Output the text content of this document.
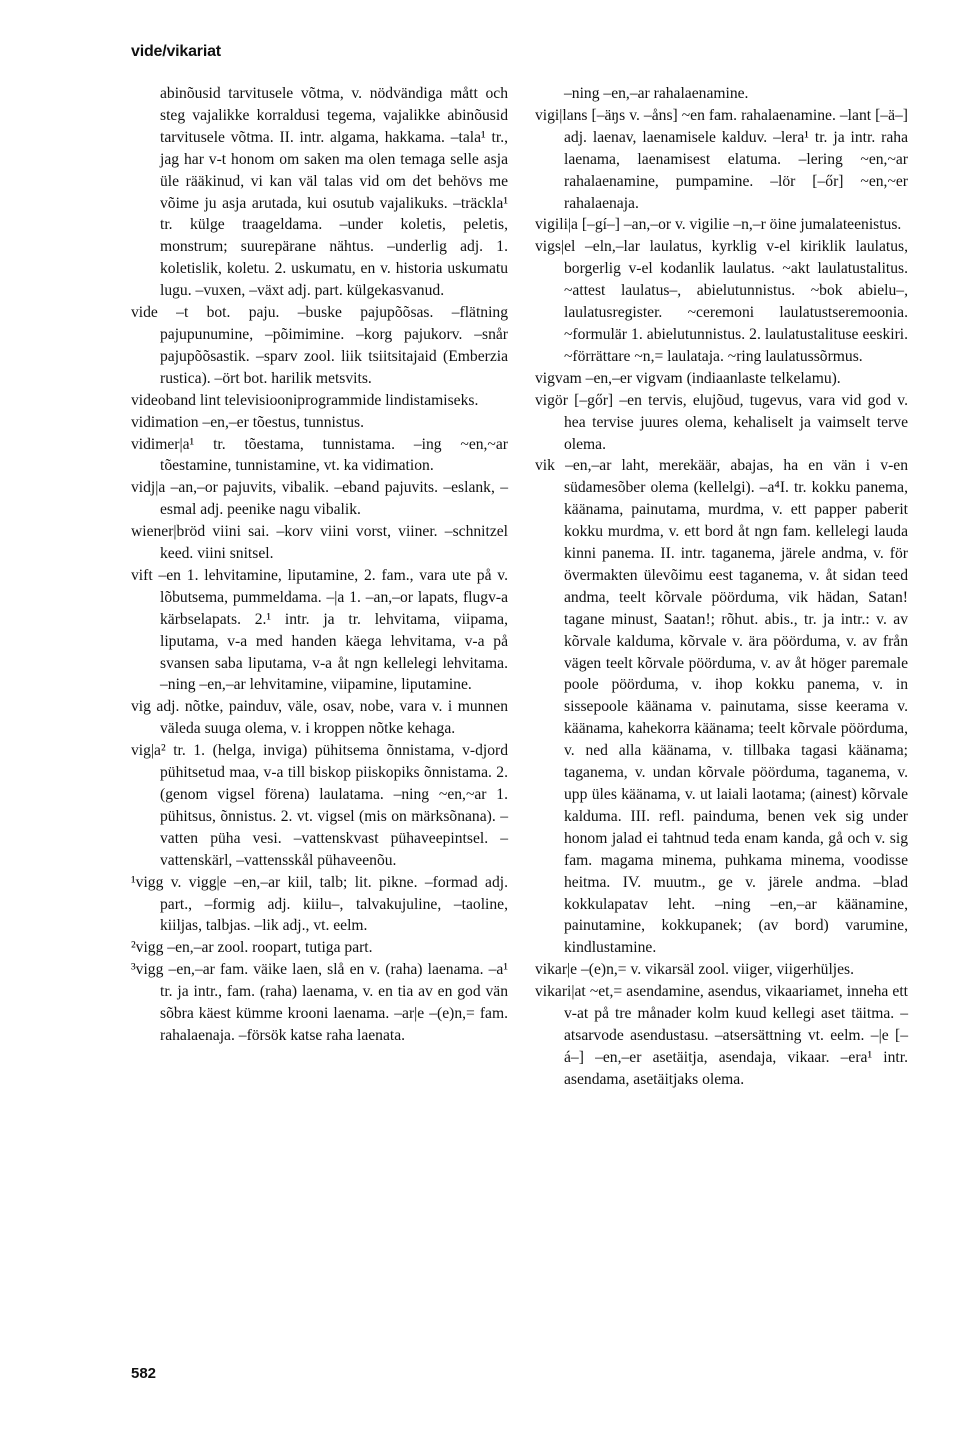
vide/vikariat

abinõusid tarvitusele võtma, v. nödvändiga mått och steg vajalikke korraldusi tegema, vajalikke abinõusid tarvitusele võtma. II. intr. algama, hakkama. –tala¹ tr., jag har v-t honom om saken ma olen temaga selle asja üle rääkinud, vi kan väl talas vid om det behövs me võime ju asja arutada, kui osutub vajalikuks. –träckla¹ tr. külge traageldama. –under koletis, peletis, monstrum; suurepärane nähtus. –underlig adj. 1. koletislik, koletu. 2. uskumatu, en v. historia uskumatu lugu. –vuxen, –växt adj. part. külgekasvanud.

vide –t bot. paju. –buske pajupõõsas. –flätning pajupunumine, –põimimine. –korg pajukorv. –snår pajupõõsastik. –sparv zool. liik tsiitsitajaid (Emberzia rustica). –ört bot. harilik metsvits.

videoband lint televisiooniprogrammide lindistamiseks.

vidimation –en,–er tõestus, tunnistus.

vidimer|a¹ tr. tõestama, tunnistama. –ing ~en,~ar tõestamine, tunnistamine, vt. ka vidimation.

vidj|a –an,–or pajuvits, vibalik. –eband pajuvits. –eslank, –esmal adj. peenike nagu vibalik.

wiener|bröd viini sai. –korv viini vorst, viiner. –schnitzel keed. viini snitsel.

vift –en 1. lehvitamine, liputamine, 2. fam., vara ute på v. lõbutsema, pummeldama. –|a 1. –an,–or lapats, flugv-a kärbselapats. 2.¹ intr. ja tr. lehvitama, viipama, liputama, v-a med handen käega lehvitama, v-a på svansen saba liputama, v-a åt ngn kellelegi lehvitama. –ning –en,–ar lehvitamine, viipamine, liputamine.

vig adj. nõtke, painduv, väle, osav, nobe, vara v. i munnen väleda suuga olema, v. i kroppen nõtke kehaga.

vig|a² tr. 1. (helga, inviga) pühitsema õnnistama, v-djord pühitsetud maa, v-a till biskop piiskopiks õnnistama. 2. (genom vigsel förena) laulatama. –ning ~en,~ar 1. pühitsus, õnnistus. 2. vt. vigsel (mis on märksõnana). –vatten püha vesi. –vattenskvast pühaveepintsel. –vattenskärl, –vattensskål pühaveenõu.

¹vigg v. vigg|e –en,–ar kiil, talb; lit. pikne. –formad adj. part., –formig adj. kiilu–, talvakujuline, –taoline, kiiljas, talbjas. –lik adj., vt. eelm.

²vigg –en,–ar zool. roopart, tutiga part.

³vigg –en,–ar fam. väike laen, slå en v. (raha) laenama. –a¹ tr. ja intr., fam. (raha) laenama, v. en tia av en god vän sõbra käest kümme krooni laenama. –ar|e –(e)n,= fam. rahalaenaja. –försök katse raha laenata.

–ning –en,–ar rahalaenamine.

vigi|lans [–äŋs v. –åns] ~en fam. rahalaenamine. –lant [–ä–] adj. laenav, laenamisele kalduv. –lera¹ tr. ja intr. raha laenama, laenamisest elatuma. –lering ~en,~ar rahalaenamine, pumpamine. –lör [–őr] ~en,~er rahalaenaja.

vigili|a [–gí–] –an,–or v. vigilie –n,–r öine jumalateenistus.

vigs|el –eln,–lar laulatus, kyrklig v-el kiriklik laulatus, borgerlig v-el kodanlik laulatus. ~akt laulatustalitus. ~attest laulatus–, abielutunnistus. ~bok abielu–, laulatusregister. ~ceremoni laulatustseremoonia. ~formulär 1. abielutunnistus. 2. laulatustalituse eeskiri. ~förrättare ~n,= laulataja. ~ring laulatussõrmus.

vigvam –en,–er vigvam (indiaanlaste telkelamu).

vigör [–gőr] –en tervis, elujõud, tugevus, vara vid god v. hea tervise juures olema, kehaliselt ja vaimselt terve olema.

vik –en,–ar laht, merekäär, abajas, ha en vän i v-en südamesõber olema (kellelgi). –a⁴I. tr. kokku panema, käänama, painutama, murdma, v. ett papper paberit kokku murdma, v. ett bord åt ngn fam. kellelegi lauda kinni panema. II. intr. taganema, järele andma, v. för övermakten ülevõimu eest taganema, v. åt sidan teed andma, teelt kõrvale pöörduma, vik hädan, Satan! tagane minust, Saatan!; rõhut. abis., tr. ja intr.: v. av kõrvale kalduma, kõrvale v. ära pöörduma, v. av från vägen teelt kõrvale pöörduma, v. av åt höger paremale poole pöörduma, v. ihop kokku panema, v. in sissepoole käänama v. painutama, sisse keerama v. käänama, kahekorra käänama; teelt kõrvale pöörduma, v. ned alla käänama, v. tillbaka tagasi käänama; taganema, v. undan kõrvale pöörduma, taganema, v. upp üles käänama, v. ut laiali laotama; (ainest) kõrvale kalduma. III. refl. painduma, benen vek sig under honom jalad ei tahtnud teda enam kanda, gå och v. sig fam. magama minema, puhkama minema, voodisse heitma. IV. muutm., ge v. järele andma. –blad kokkulapatav leht. –ning –en,–ar käänamine, painutamine, kokkupanek; (av bord) varumine, kindlustamine.

vikar|e –(e)n,= v. vikarsäl zool. viiger, viigerhüljes.

vikari|at ~et,= asendamine, asendus, vikaariamet, inneha ett v-at på tre månader kolm kuud kellegi aset täitma. –atsarvode asendustasu. –atsersättning vt. eelm. –|e [–á–] –en,–er asetäitja, asendaja, vikaar. –era¹ intr. asendama, asetäitjaks olema.

582
